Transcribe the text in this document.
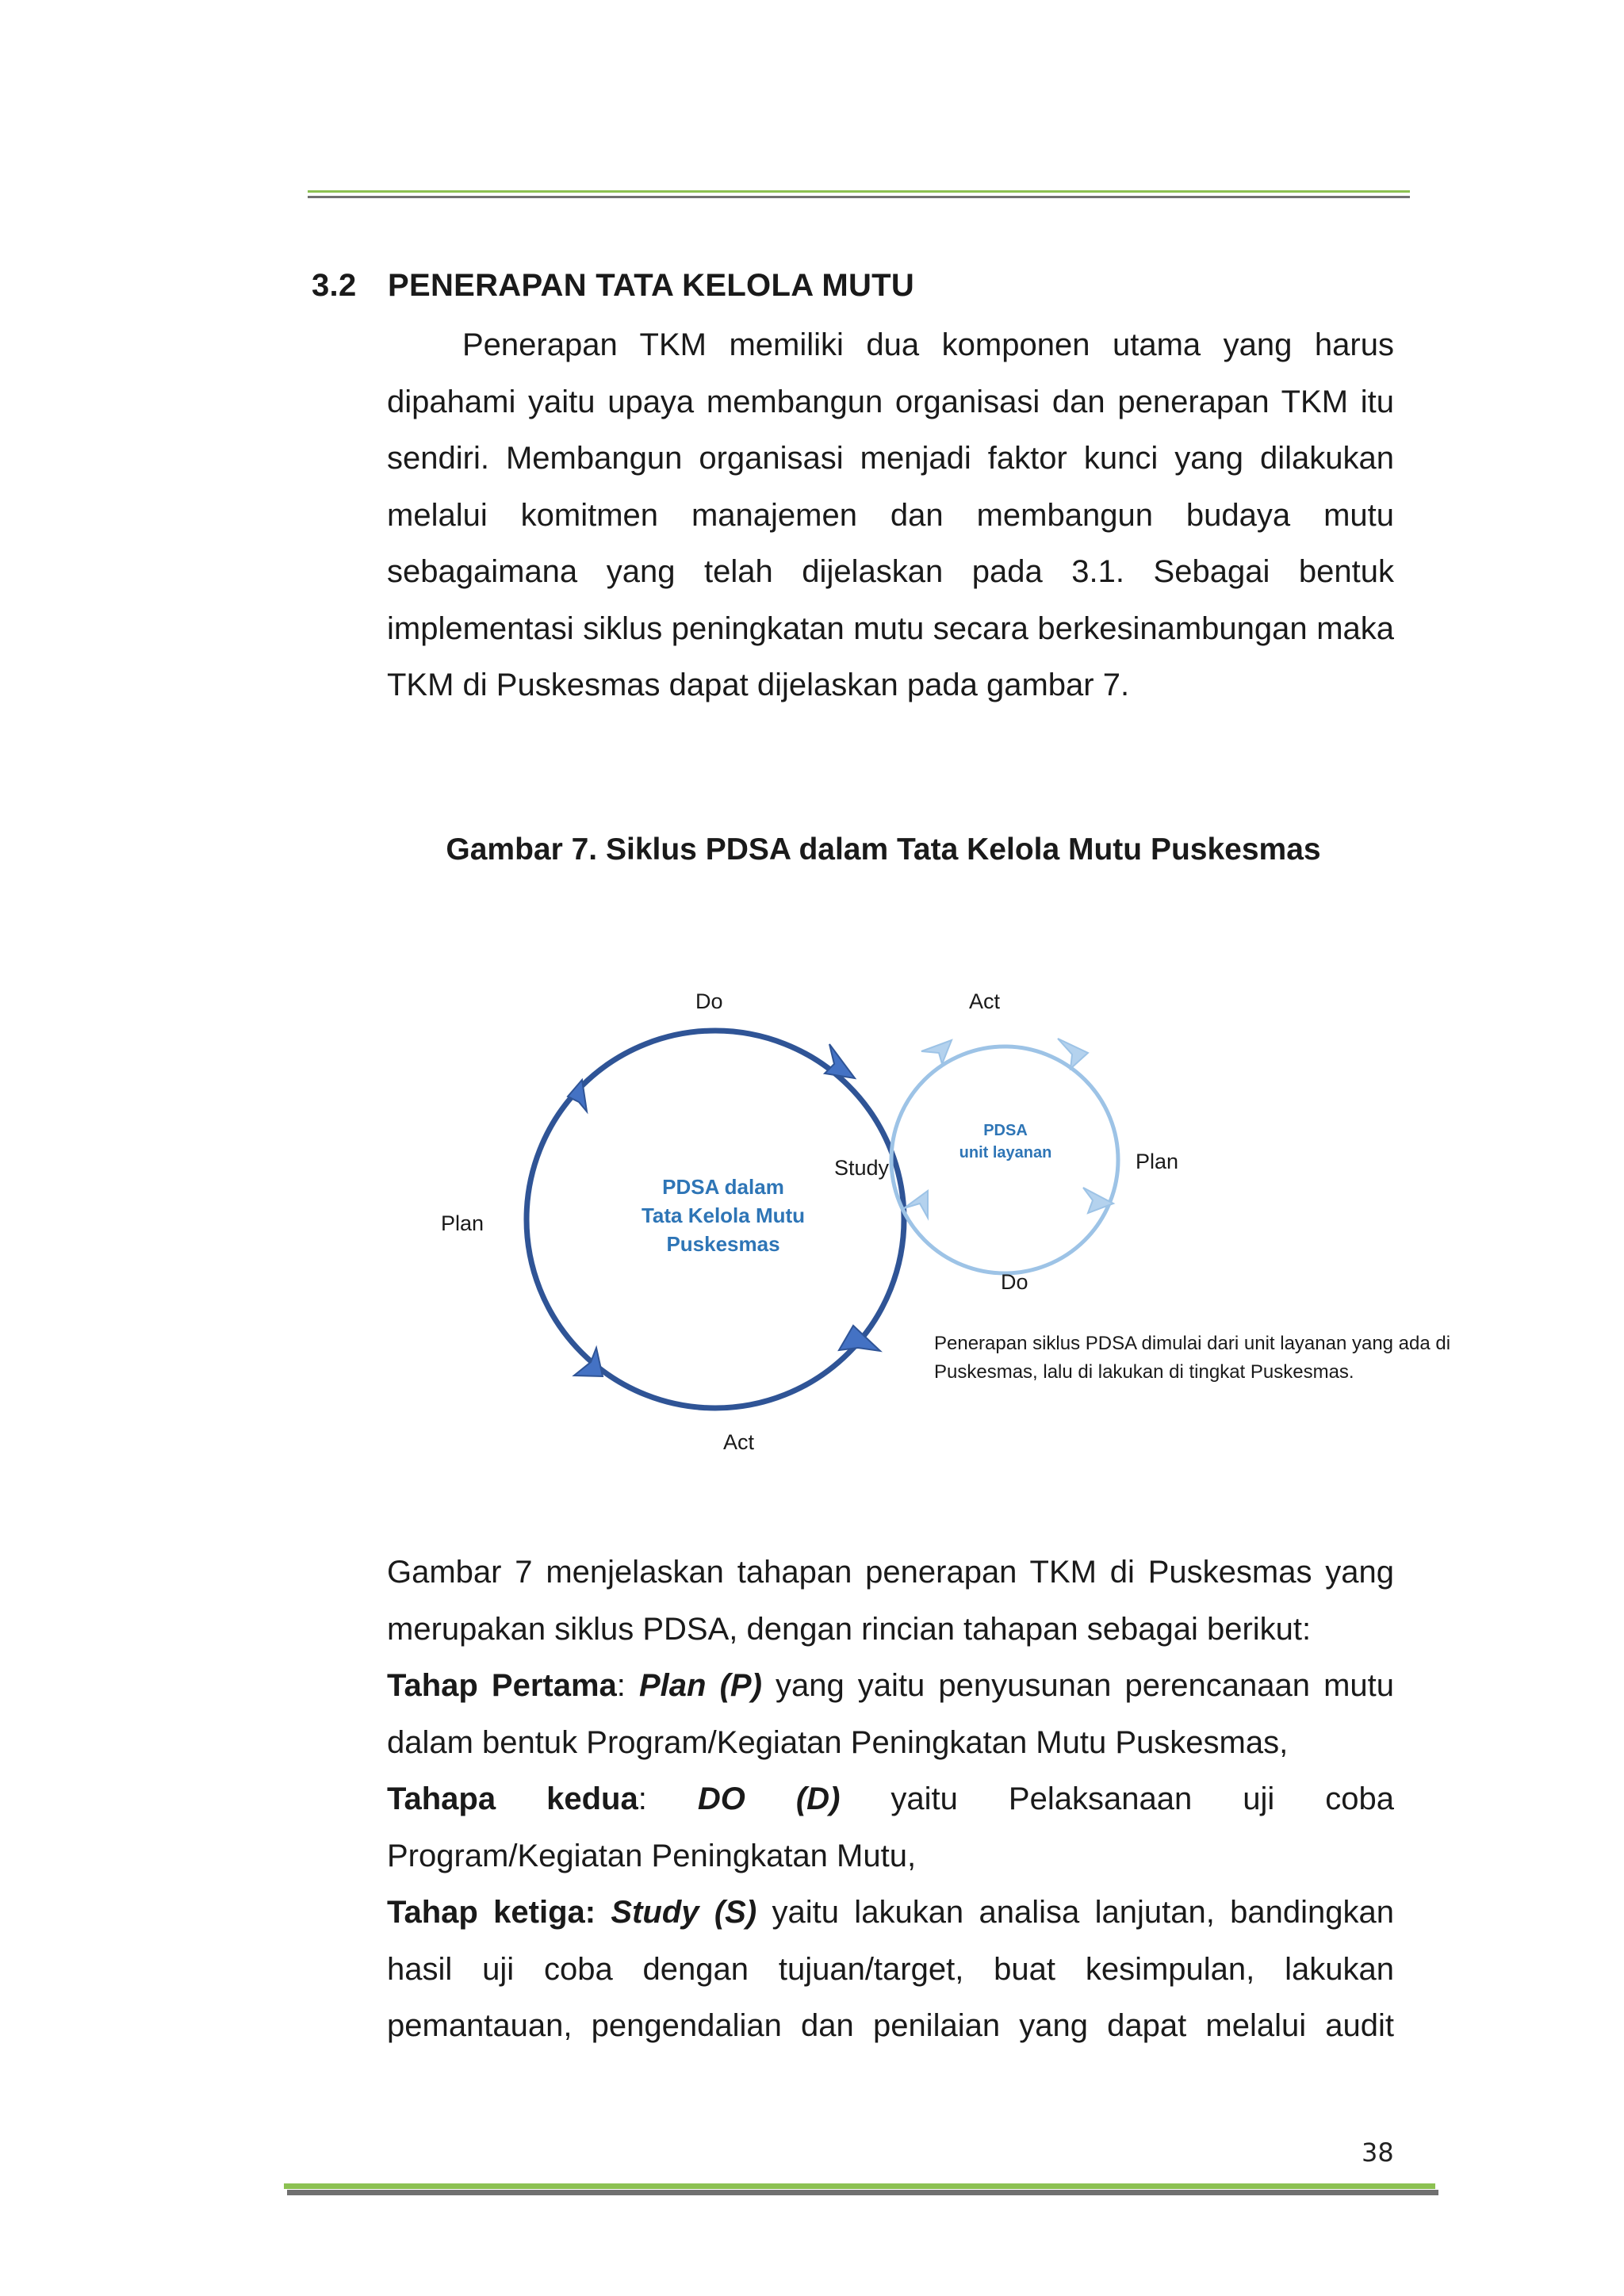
3.2 PENERAPAN TATA KELOLA MUTU

Penerapan TKM memiliki dua komponen utama yang harus dipahami yaitu upaya membangun organisasi dan penerapan TKM itu sendiri. Membangun organisasi menjadi faktor kunci yang dilakukan melalui komitmen manajemen dan membangun budaya mutu sebagaimana yang telah dijelaskan pada 3.1. Sebagai bentuk implementasi siklus peningkatan mutu secara berkesinambungan maka TKM di Puskesmas dapat dijelaskan pada gambar 7.

Gambar 7. Siklus PDSA dalam Tata Kelola Mutu Puskesmas
Do
Plan
Act
Study
Act
Plan
Do
PDSA dalam
Tata Kelola Mutu
Puskesmas
PDSA
unit layanan
Penerapan siklus PDSA dimulai dari unit layanan yang ada di
Puskesmas, lalu di lakukan di tingkat Puskesmas.
Gambar 7 menjelaskan tahapan penerapan TKM di Puskesmas yang
merupakan siklus PDSA, dengan rincian tahapan sebagai berikut:
Tahap Pertama: Plan (P) yang yaitu penyusunan perencanaan mutu
dalam bentuk Program/Kegiatan Peningkatan Mutu Puskesmas,
Tahapa kedua: DO (D) yaitu Pelaksanaan uji coba
Program/Kegiatan Peningkatan Mutu,
Tahap ketiga: Study (S) yaitu lakukan analisa lanjutan, bandingkan
hasil uji coba dengan tujuan/target, buat kesimpulan, lakukan
pemantauan, pengendalian dan penilaian yang dapat melalui audit
38
